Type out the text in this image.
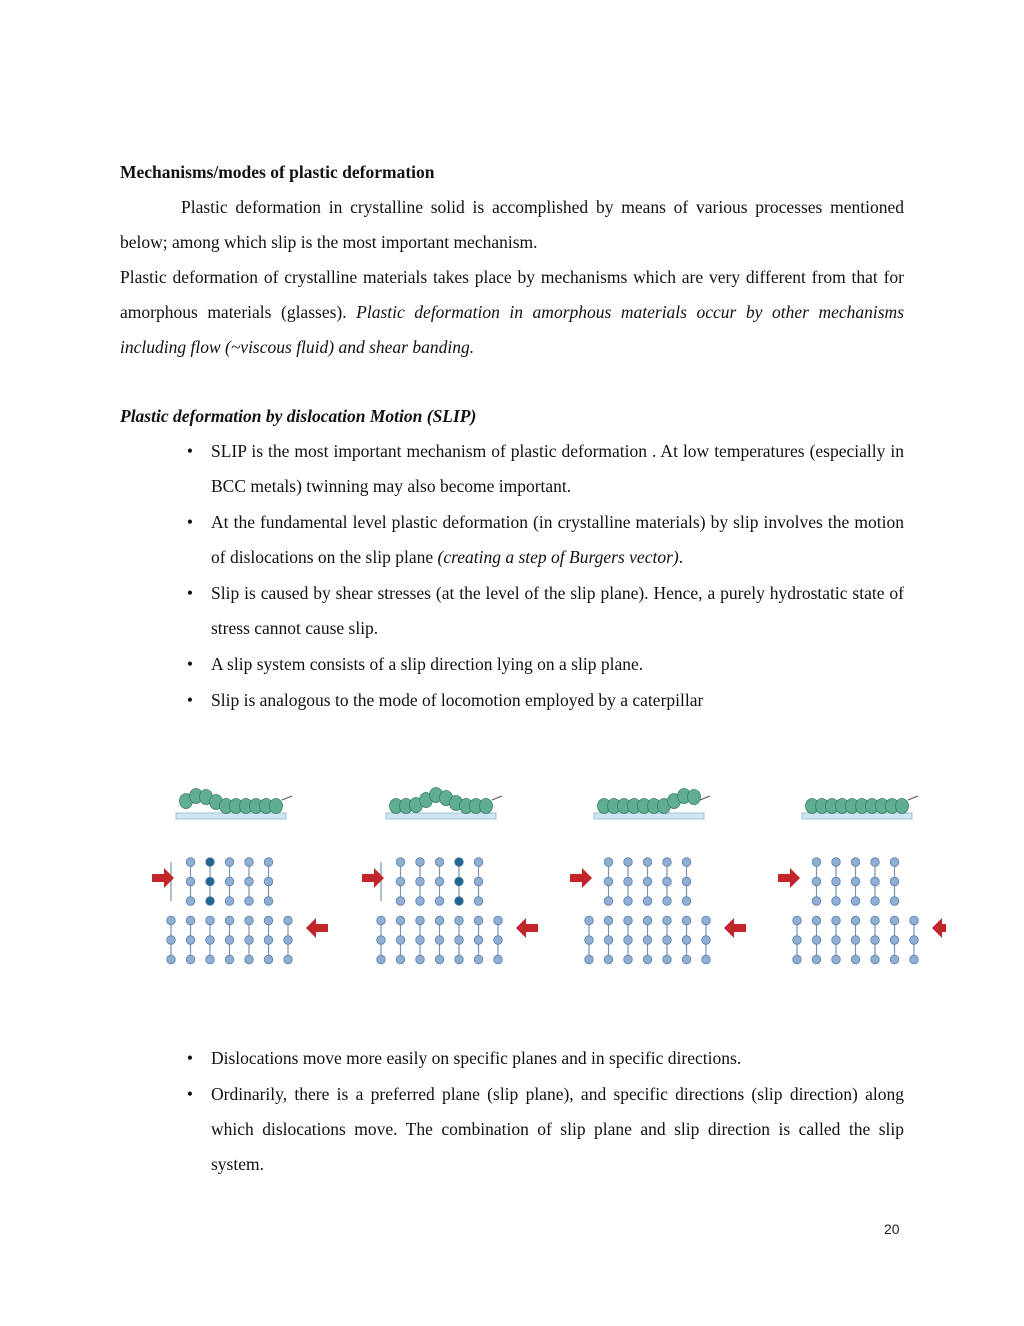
Mechanisms/modes of plastic deformation

Plastic deformation in crystalline solid is accomplished by means of various processes mentioned below; among which slip is the most important mechanism.

Plastic deformation of crystalline materials takes place by mechanisms which are very different from that for amorphous materials (glasses). Plastic deformation in amorphous materials occur by other mechanisms including flow (~viscous fluid) and shear banding.

Plastic deformation by dislocation Motion (SLIP)

•	SLIP is the most important mechanism of plastic deformation . At low temperatures (especially in BCC metals) twinning may also become important.
•	At the fundamental level plastic deformation (in crystalline materials) by slip involves the motion of dislocations on the slip plane (creating a step of Burgers vector).
•	Slip is caused by shear stresses (at the level of the slip plane). Hence, a purely hydrostatic state of stress cannot cause slip.
•	A slip system consists of a slip direction lying on a slip plane.
•	Slip is analogous to the mode of locomotion employed by a caterpillar
•	Dislocations move more easily on specific planes and in specific directions.
•	Ordinarily, there is a preferred plane (slip plane), and specific directions (slip direction) along which dislocations move. The combination of slip plane and slip direction is called the slip system.
20
